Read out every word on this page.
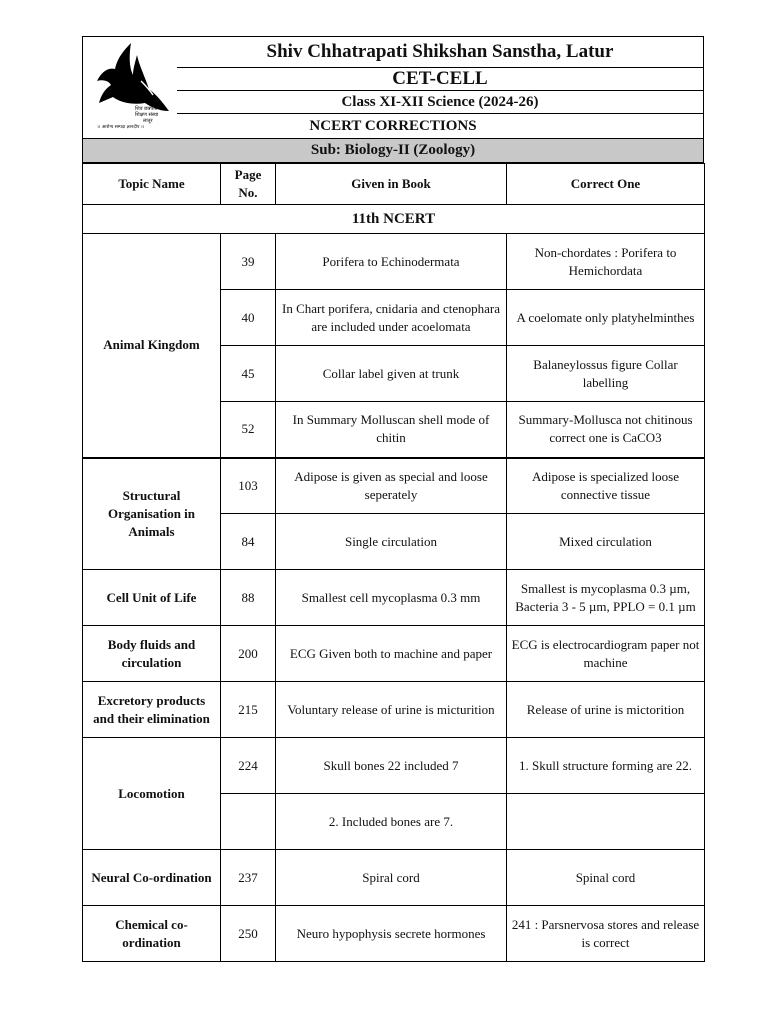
शिव छत्रपती
शिक्षण संस्था
लातूर
।। आरोग्य सम्पदा ज्ञानदीप ।।
Shiv Chhatrapati Shikshan Sanstha, Latur
CET-CELL
Class XI-XII Science (2024-26)
NCERT CORRECTIONS
Sub: Biology-II (Zoology)
Topic Name	Page No.	Given in Book	Correct One
11th NCERT			
Animal Kingdom	39	Porifera to Echinodermata	Non-chordates : Porifera to Hemichordata
	40	In Chart porifera, cnidaria and ctenophara are included under acoelomata	A coelomate only platyhelminthes
	45	Collar label given at trunk	Balaneylossus figure Collar labelling
	52	In Summary Molluscan shell mode of chitin	Summary-Mollusca not chitinous correct one is CaCO3
Structural Organisation in Animals	103	Adipose is given as special and loose seperately	Adipose is specialized loose connective tissue
	84	Single circulation	Mixed circulation
Cell Unit of Life	88	Smallest cell mycoplasma 0.3 mm	Smallest is mycoplasma 0.3 µm, Bacteria 3 - 5 µm, PPLO = 0.1 µm
Body fluids and circulation	200	ECG Given both to machine and paper	ECG is electrocardiogram paper not machine
Excretory products and their elimination	215	Voluntary release of urine is micturition	Release of urine is mictorition
Locomotion	224	Skull bones 22 included 7	1. Skull structure forming are 22.
		2. Included bones are 7.	
Neural Co-ordination	237	Spiral cord	Spinal cord
Chemical co-ordination	250	Neuro hypophysis secrete hormones	241 : Parsnervosa stores and release is correct
